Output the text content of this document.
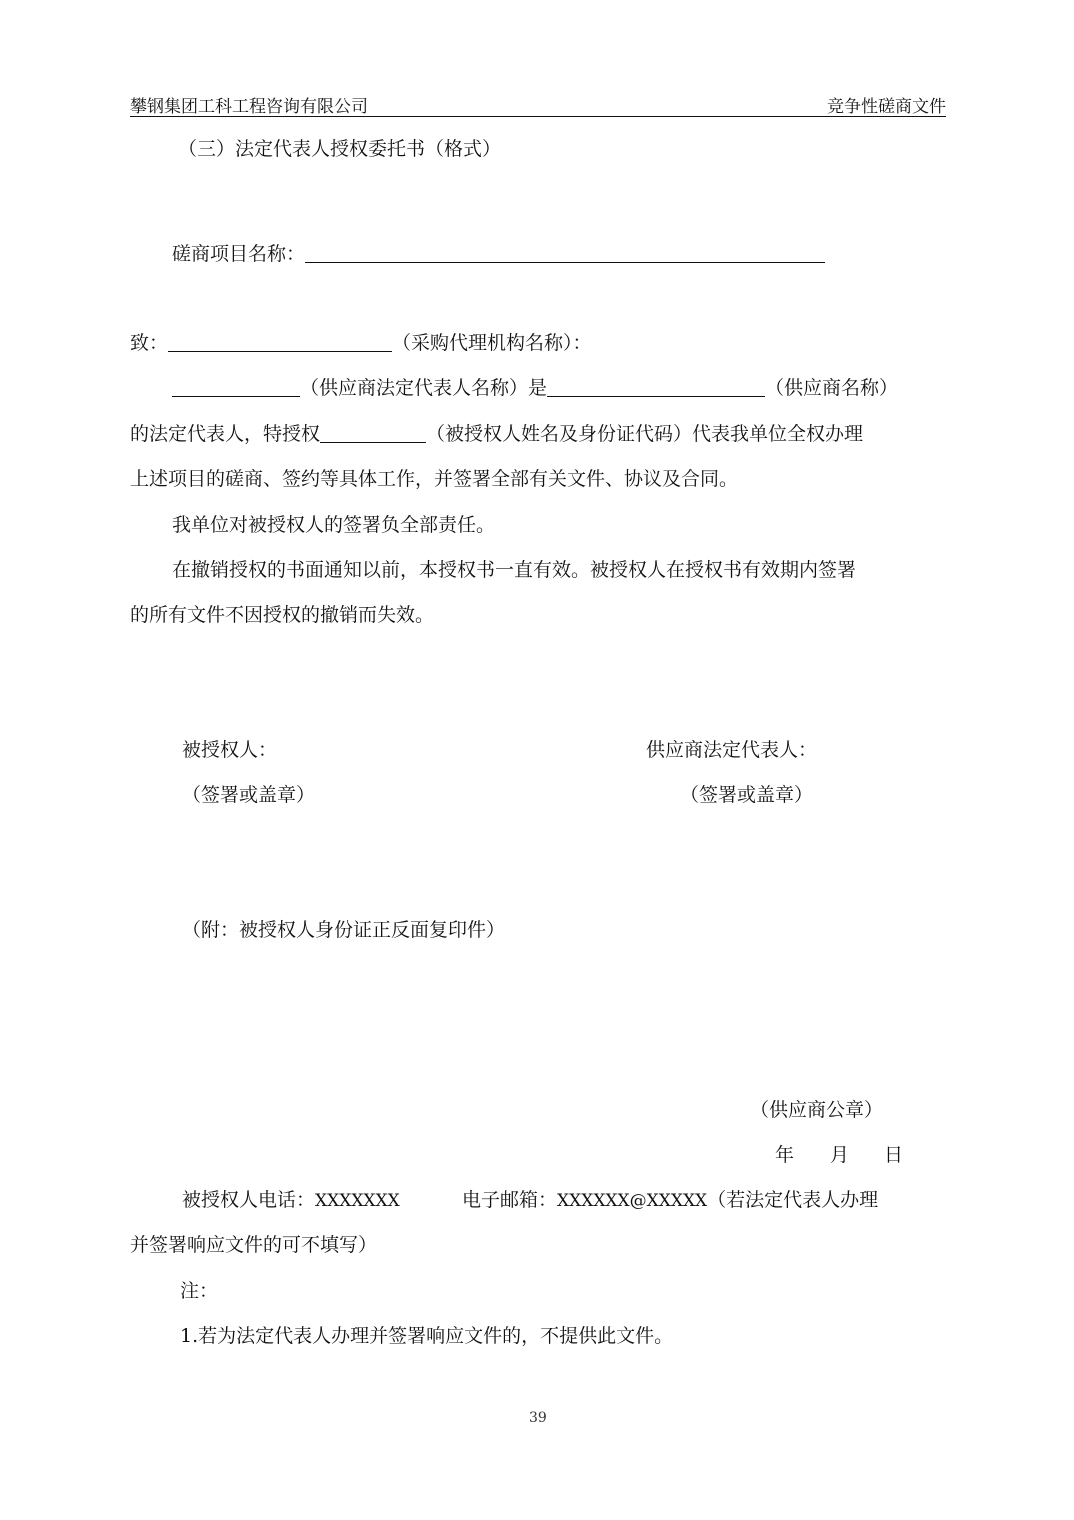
攀钢集团工科工程咨询有限公司	竞争性磋商文件
（三）法定代表人授权委托书（格式）
磋商项目名称：
致：	（采购代理机构名称）：
（供应商法定代表人名称）是	（供应商名称）
的法定代表人，特授权	（被授权人姓名及身份证代码）代表我单位全权办理
上述项目的磋商、签约等具体工作，并签署全部有关文件、协议及合同。
我单位对被授权人的签署负全部责任。
在撤销授权的书面通知以前，本授权书一直有效。被授权人在授权书有效期内签署
的所有文件不因授权的撤销而失效。
被授权人：	供应商法定代表人：
（签署或盖章）	（签署或盖章）
（附：被授权人身份证正反面复印件）
（供应商公章）
年 月 日
被授权人电话：XXXXXXX	电子邮箱：XXXXXX@XXXXX（若法定代表人办理
并签署响应文件的可不填写）
注：
1.若为法定代表人办理并签署响应文件的，不提供此文件。
39
